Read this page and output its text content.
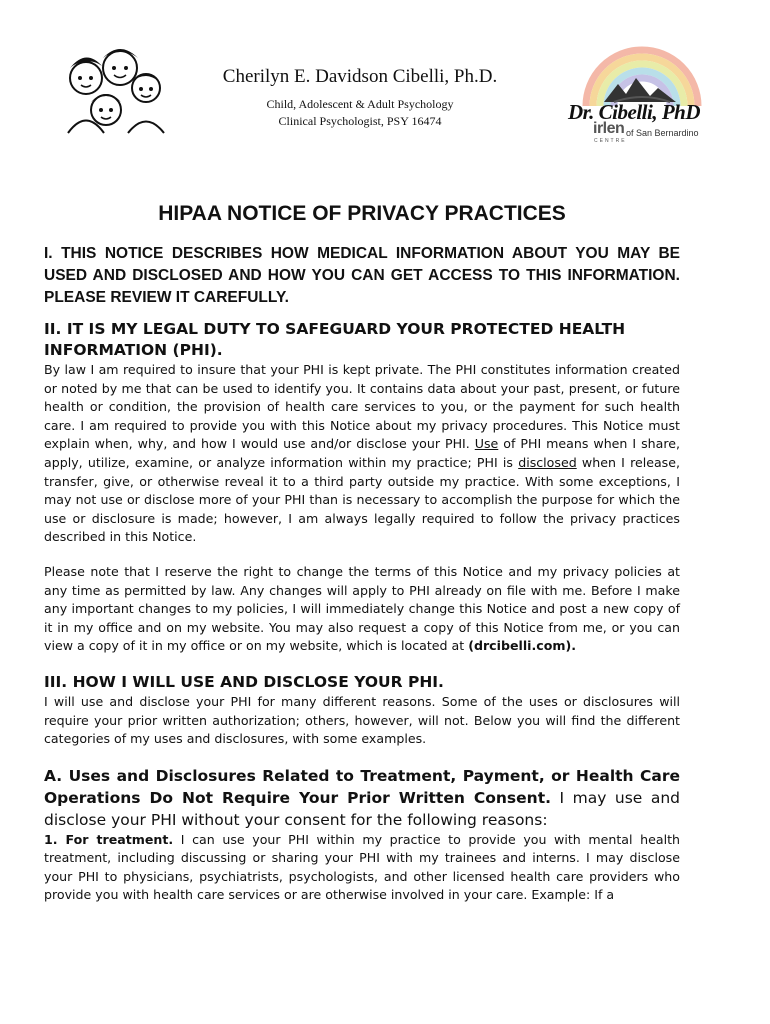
Cherilyn E. Davidson Cibelli, Ph.D.

Child, Adolescent & Adult Psychology

Clinical Psychologist, PSY 16474	Dr. Cibelli, PhD
irlen of San Bernardino
CENTRE
HIPAA NOTICE OF PRIVACY PRACTICES

I. THIS NOTICE DESCRIBES HOW MEDICAL INFORMATION ABOUT YOU MAY BE USED AND DISCLOSED AND HOW YOU CAN GET ACCESS TO THIS INFORMATION. PLEASE REVIEW IT CAREFULLY.

II. IT IS MY LEGAL DUTY TO SAFEGUARD YOUR PROTECTED HEALTH INFORMATION (PHI).

By law I am required to insure that your PHI is kept private. The PHI constitutes information created or noted by me that can be used to identify you. It contains data about your past, present, or future health or condition, the provision of health care services to you, or the payment for such health care. I am required to provide you with this Notice about my privacy procedures. This Notice must explain when, why, and how I would use and/or disclose your PHI. Use of PHI means when I share, apply, utilize, examine, or analyze information within my practice; PHI is disclosed when I release, transfer, give, or otherwise reveal it to a third party outside my practice. With some exceptions, I may not use or disclose more of your PHI than is necessary to accomplish the purpose for which the use or disclosure is made; however, I am always legally required to follow the privacy practices described in this Notice.

Please note that I reserve the right to change the terms of this Notice and my privacy policies at any time as permitted by law. Any changes will apply to PHI already on file with me. Before I make any important changes to my policies, I will immediately change this Notice and post a new copy of it in my office and on my website. You may also request a copy of this Notice from me, or you can view a copy of it in my office or on my website, which is located at (drcibelli.com).

III. HOW I WILL USE AND DISCLOSE YOUR PHI.

I will use and disclose your PHI for many different reasons. Some of the uses or disclosures will require your prior written authorization; others, however, will not. Below you will find the different categories of my uses and disclosures, with some examples.

A. Uses and Disclosures Related to Treatment, Payment, or Health Care Operations Do Not Require Your Prior Written Consent. I may use and disclose your PHI without your consent for the following reasons:

1. For treatment. I can use your PHI within my practice to provide you with mental health treatment, including discussing or sharing your PHI with my trainees and interns. I may disclose your PHI to physicians, psychiatrists, psychologists, and other licensed health care providers who provide you with health care services or are otherwise involved in your care. Example: If a
